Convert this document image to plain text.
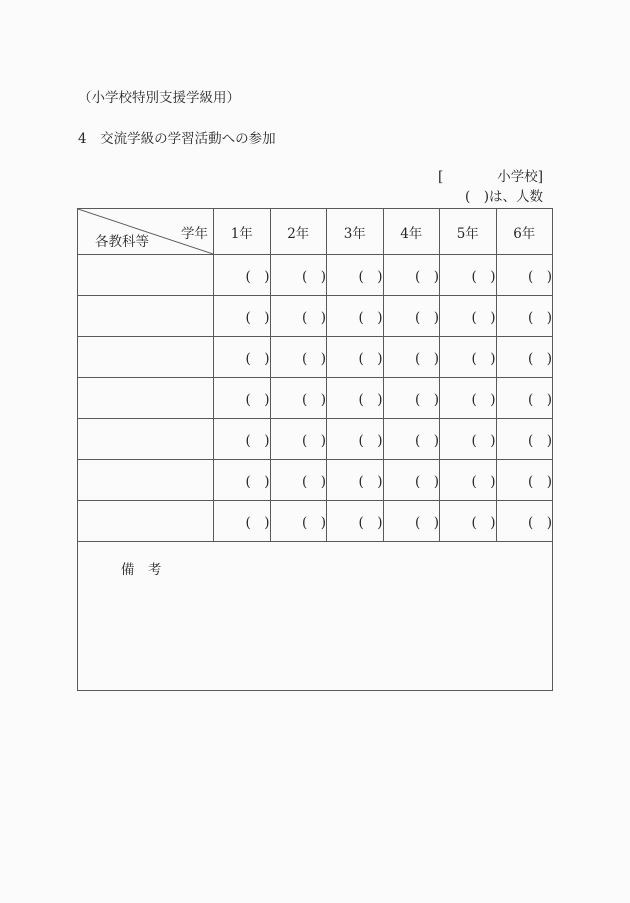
（小学校特別支援学級用）
4　交流学級の学習活動への参加
[　　　　小学校]
(　)は、人数
学年
各教科等	1年	2年	3年	4年	5年	6年
	(　)	(　)	(　)	(　)	(　)	(　)
	(　)	(　)	(　)	(　)	(　)	(　)
	(　)	(　)	(　)	(　)	(　)	(　)
	(　)	(　)	(　)	(　)	(　)	(　)
	(　)	(　)	(　)	(　)	(　)	(　)
	(　)	(　)	(　)	(　)	(　)	(　)
	(　)	(　)	(　)	(　)	(　)	(　)

備　考						
